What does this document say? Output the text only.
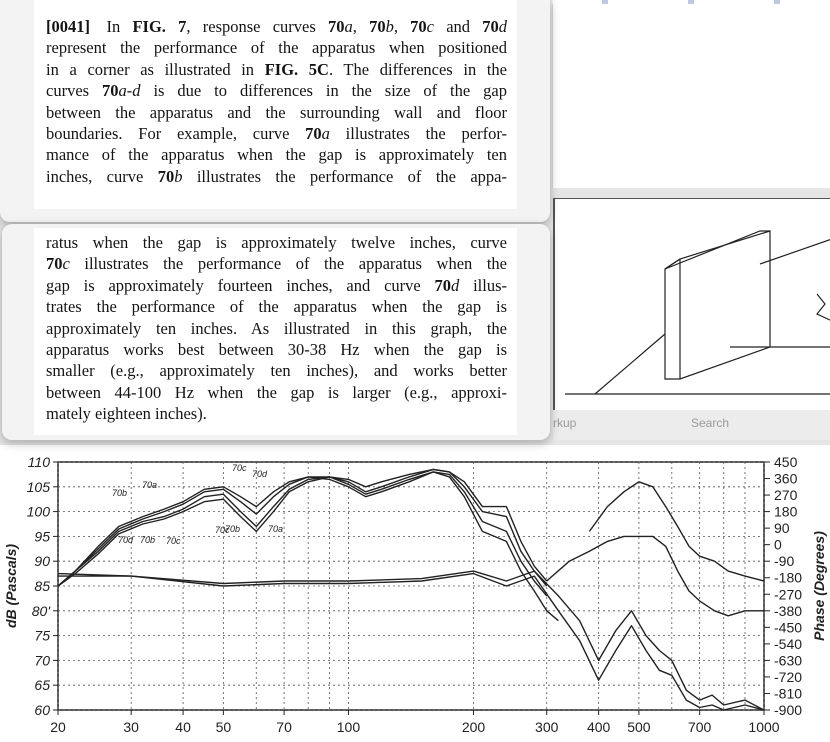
rkup	Search
[0041] In FIG. 7, response curves 70a, 70b, 70c and 70d
represent the performance of the apparatus when positioned
in a corner as illustrated in FIG. 5C. The differences in the
curves 70a-d is due to differences in the size of the gap
between the apparatus and the surrounding wall and floor
boundaries. For example, curve 70a illustrates the perfor-
mance of the apparatus when the gap is approximately ten
inches, curve 70b illustrates the performance of the appa-
ratus when the gap is approximately twelve inches, curve
70c illustrates the performance of the apparatus when the
gap is approximately fourteen inches, and curve 70d illus-
trates the performance of the apparatus when the gap is
approximately ten inches. As illustrated in this graph, the
apparatus works best between 30-38 Hz when the gap is
smaller (e.g., approximately ten inches), and works better
between 44-100 Hz when the gap is larger (e.g., approxi-
mately eighteen inches).
110
105
100
95
90
85
80'
75
70
65
60
450
360
270
180
90
0
-90
-180
-270
-380
-450
-540
-630
-720
-810
-900
20	30	40 50	70	100	200	300 400 500	700	1000
70a
70b
70c
70d
70b 70c
70d
70c
70b	70a
dB (Pascals)	Phase (Degrees)
